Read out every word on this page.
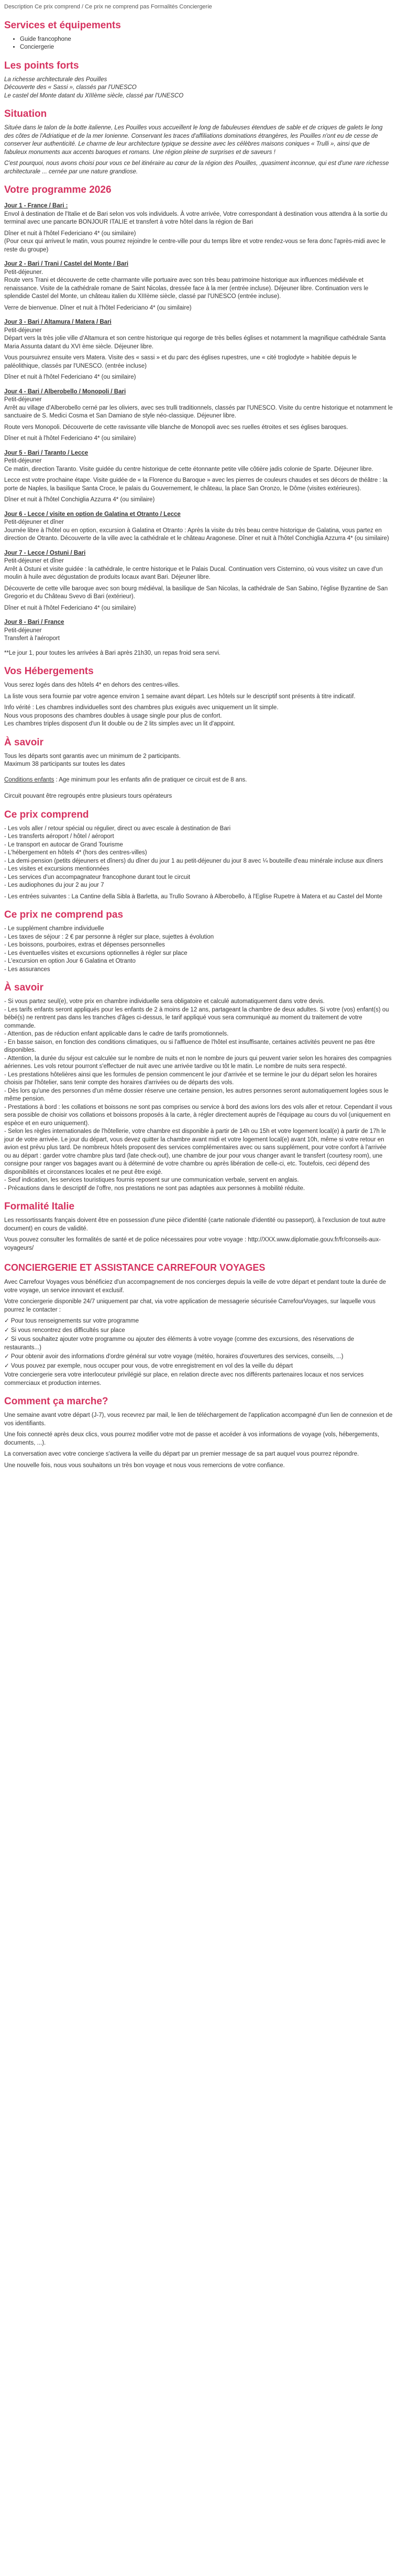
Description Ce prix comprend / Ce prix ne comprend pas Formalités Conciergerie
Services et équipements
• Guide francophone
• Conciergerie
Les points forts
La richesse architecturale des Pouilles
Découverte des « Sassi », classés par l'UNESCO
Le castel del Monte datant du XIIIème siècle, classé par l'UNESCO
Situation

Située dans le talon de la botte italienne, Les Pouilles vous accueillent le long de fabuleuses étendues de sable et de criques de galets le long des côtes de l'Adriatique et de la mer Ionienne. Conservant les traces d'affiliations dominations étrangères, les Pouilles n'ont eu de cesse de conserver leur authenticité. Le charme de leur architecture typique se dessine avec les célèbres maisons coniques « Trulli », ainsi que de fabuleux monuments aux accents baroques et romans. Une région pleine de surprises et de saveurs !

C'est pourquoi, nous avons choisi pour vous ce bel itinéraire au cœur de la région des Pouilles, ,quasiment inconnue, qui est d'une rare richesse architecturale ... cernée par une nature grandiose.

Votre programme 2026
Jour 1 - France / Bari :

Envol à destination de l'Italie et de Bari selon vos vols individuels. À votre arrivée, Votre correspondant à destination vous attendra à la sortie du terminal avec une pancarte BONJOUR ITALIE et transfert à votre hôtel dans la région de Bari

Dîner et nuit à l'hôtel Federiciano 4* (ou similaire)
(Pour ceux qui arriveut le matin, vous pourrez rejoindre le centre-ville pour du temps libre et votre rendez-vous se fera donc l'après-midi avec le reste du groupe)
Jour 2 - Bari / Trani / Castel del Monte / Bari
Petit-déjeuner.

Route vers Trani et découverte de cette charmante ville portuaire avec son très beau patrimoine historique aux influences médiévale et renaissance. Visite de la cathédrale romane de Saint Nicolas, dressée face à la mer (entrée incluse). Déjeuner libre. Continuation vers le splendide Castel del Monte, un château italien du XIIIème siècle, classé par l'UNESCO (entrée incluse).

Verre de bienvenue. Dîner et nuit à l'hôtel Federiciano 4* (ou similaire)
Jour 3 - Bari / Altamura / Matera / Bari
Petit-déjeuner

Départ vers la très jolie ville d'Altamura et son centre historique qui regorge de très belles églises et notamment la magnifique cathédrale Santa Maria Assunta datant du XVI ème siècle. Déjeuner libre.

Vous poursuivrez ensuite vers Matera. Visite des « sassi » et du parc des églises rupestres, une « cité troglodyte » habitée depuis le paléolithique, classés par l'UNESCO. (entrée incluse)

Dîner et nuit à l'hôtel Federiciano 4* (ou similaire)
Jour 4 - Bari / Alberobello / Monopoli / Bari
Petit-déjeuner

Arrêt au village d'Alberobello cerné par les oliviers, avec ses trulli traditionnels, classés par l'UNESCO. Visite du centre historique et notamment le sanctuaire de S. Medici Cosma et San Damiano de style néo-classique. Déjeuner libre.

Route vers Monopoli. Découverte de cette ravissante ville blanche de Monopoli avec ses ruelles étroites et ses églises baroques.

Dîner et nuit à l'hôtel Federiciano 4* (ou similaire)
Jour 5 - Bari / Taranto / Lecce
Petit-déjeuner

Ce matin, direction Taranto. Visite guidée du centre historique de cette étonnante petite ville côtière jadis colonie de Sparte. Déjeuner libre.

Lecce est votre prochaine étape. Visite guidée de « la Florence du Baroque » avec les pierres de couleurs chaudes et ses décors de théâtre : la porte de Naples, la basilique Santa Croce, le palais du Gouvernement, le château, la place San Oronzo, le Dôme (visites extérieures).

Dîner et nuit à l'hôtel Conchiglia Azzurra 4* (ou similaire)
Jour 6 - Lecce / visite en option de Galatina et Otranto / Lecce
Petit-déjeuner et dîner

Journée libre à l'hôtel ou en option, excursion à Galatina et Otranto : Après la visite du très beau centre historique de Galatina, vous partez en direction de Otranto. Découverte de la ville avec la cathédrale et le château Aragonese. Dîner et nuit à l'hôtel Conchiglia Azzurra 4* (ou similaire)

Jour 7 - Lecce / Ostuni / Bari
Petit-déjeuner et dîner

Arrêt à Ostuni et visite guidée : la cathédrale, le centre historique et le Palais Ducal. Continuation vers Cisternino, où vous visitez un cave d'un moulin à huile avec dégustation de produits locaux avant Bari. Déjeuner libre.

Découverte de cette ville baroque avec son bourg médiéval, la basilique de San Nicolas, la cathédrale de San Sabino, l'église Byzantine de San Gregorio et du Château Svevo di Bari (extérieur).

Dîner et nuit à l'hôtel Federiciano 4* (ou similaire)
Jour 8 - Bari / France
Petit-déjeuner
Transfert à l'aéroport

**Le jour 1, pour toutes les arrivées à Bari après 21h30, un repas froid sera servi.

Vos Hébergements

Vous serez logés dans des hôtels 4* en dehors des centres-villes.

La liste vous sera fournie par votre agence environ 1 semaine avant départ. Les hôtels sur le descriptif sont présents à titre indicatif.

Info vérité : Les chambres individuelles sont des chambres plus exiguës avec uniquement un lit simple.
Nous vous proposons des chambres doubles à usage single pour plus de confort.
Les chambres triples disposent d'un lit double ou de 2 lits simples avec un lit d'appoint.
À savoir
Tous les départs sont garantis avec un minimum de 2 participants.
Maximum 38 participants sur toutes les dates

Conditions enfants : Age minimum pour les enfants afin de pratiquer ce circuit est de 8 ans.

Circuit pouvant être regroupés entre plusieurs tours opérateurs

Ce prix comprend
- Les vols aller / retour spécial ou régulier, direct ou avec escale à destination de Bari
- Les transferts aéroport / hôtel / aéroport
- Le transport en autocar de Grand Tourisme
- L'hébergement en hôtels 4* (hors des centres-villes)
- La demi-pension (petits déjeuners et dîners) du dîner du jour 1 au petit-déjeuner du jour 8 avec ¼ bouteille d'eau minérale incluse aux dîners
- Les visites et excursions mentionnées
- Les services d'un accompagnateur francophone durant tout le circuit
- Les audiophones du jour 2 au jour 7
- Les entrées suivantes : La Cantine della Sibla à Barletta, au Trullo Sovrano à Alberobello, à l'Eglise Rupetre à Matera et au Castel del Monte
Ce prix ne comprend pas
- Le supplément chambre individuelle
- Les taxes de séjour : 2 € par personne à régler sur place, sujettes à évolution
- Les boissons, pourboires, extras et dépenses personnelles
- Les éventuelles visites et excursions optionnelles à régler sur place
- L'excursion en option Jour 6 Galatina et Otranto
- Les assurances
À savoir
- Si vous partez seul(e), votre prix en chambre individuelle sera obligatoire et calculé automatiquement dans votre devis.
- Les tarifs enfants seront appliqués pour les enfants de 2 à moins de 12 ans, partageant la chambre de deux adultes. Si votre (vos) enfant(s) ou bébé(s) ne rentrent pas dans les tranches d'âges ci-dessus, le tarif appliqué vous sera communiqué au moment du traitement de votre commande.
- Attention, pas de réduction enfant applicable dans le cadre de tarifs promotionnels.
- En basse saison, en fonction des conditions climatiques, ou si l'affluence de l'hôtel est insuffisante, certaines activités peuvent ne pas être disponibles.
- Attention, la durée du séjour est calculée sur le nombre de nuits et non le nombre de jours qui peuvent varier selon les horaires des compagnies aériennes. Les vols retour pourront s'effectuer de nuit avec une arrivée tardive ou tôt le matin. Le nombre de nuits sera respecté.
- Les prestations hôtelières ainsi que les formules de pension commencent le jour d'arrivée et se termine le jour du départ selon les horaires choisis par l'hôtelier, sans tenir compte des horaires d'arrivées ou de départs des vols.
- Dès lors qu'une des personnes d'un même dossier réserve une certaine pension, les autres personnes seront automatiquement logées sous le même pension.
- Prestations à bord : les collations et boissons ne sont pas comprises ou service à bord des avions lors des vols aller et retour. Cependant il vous sera possible de choisir vos collations et boissons proposés à la carte, à régler directement auprès de l'équipage au cours du vol (uniquement en espèce et en euro uniquement).
- Selon les règles internationales de l'hôtellerie, votre chambre est disponible à partir de 14h ou 15h et votre logement local(e) à partir de 17h le jour de votre arrivée. Le jour du départ, vous devez quitter la chambre avant midi et votre logement local(e) avant 10h, même si votre retour en avion est prévu plus tard. De nombreux hôtels proposent des services complémentaires avec ou sans supplément, pour votre confort à l'arrivée ou au départ : garder votre chambre plus tard (late check-out), une chambre de jour pour vous changer avant le transfert (courtesy room), une consigne pour ranger vos bagages avant ou à déterminé de votre chambre ou après libération de celle-ci, etc. Toutefois, ceci dépend des disponibilités et circonstances locales et ne peut être exigé.
- Seuf indication, les services touristiques fournis reposent sur une communication verbale, servent en anglais.
- Précautions dans le descriptif de l'offre, nos prestations ne sont pas adaptées aux personnes à mobilité réduite.
Formalité Italie

Les ressortissants français doivent être en possession d'une pièce d'identité (carte nationale d'identité ou passeport), à l'exclusion de tout autre document) en cours de validité.

Vous pouvez consulter les formalités de santé et de police nécessaires pour votre voyage : http://XXX.www.diplomatie.gouv.fr/fr/conseils-aux-voyageurs/

CONCIERGERIE ET ASSISTANCE CARREFOUR VOYAGES

Avec Carrefour Voyages vous bénéficiez d'un accompagnement de nos concierges depuis la veille de votre départ et pendant toute la durée de votre voyage, un service innovant et exclusif.

Votre conciergerie disponible 24/7 uniquement par chat, via votre application de messagerie sécurisée CarrefourVoyages, sur laquelle vous pourrez le contacter :

✓ Pour tous renseignements sur votre programme

✓ Si vous rencontrez des difficultés sur place

✓ Si vous souhaitez ajouter votre programme ou ajouter des éléments à votre voyage (comme des excursions, des réservations de restaurants...)

✓ Pour obtenir avoir des informations d'ordre général sur votre voyage (météo, horaires d'ouvertures des services, conseils, ...)

✓ Vous pouvez par exemple, nous occuper pour vous, de votre enregistrement en vol des la veille du départ

Votre conciergerie sera votre interlocuteur privilégié sur place, en relation directe avec nos différents partenaires locaux et nos services commerciaux et production internes.

Comment ça marche?

Une semaine avant votre départ (J-7), vous recevrez par mail, le lien de téléchargement de l'application accompagné d'un lien de connexion et de vos identifiants.

Une fois connecté après deux clics, vous pourrez modifier votre mot de passe et accéder à vos informations de voyage (vols, hébergements, documents, ...).

La conversation avec votre concierge s'activera la veille du départ par un premier message de sa part auquel vous pourrez répondre.

Une nouvelle fois, nous vous souhaitons un très bon voyage et nous vous remercions de votre confiance.
